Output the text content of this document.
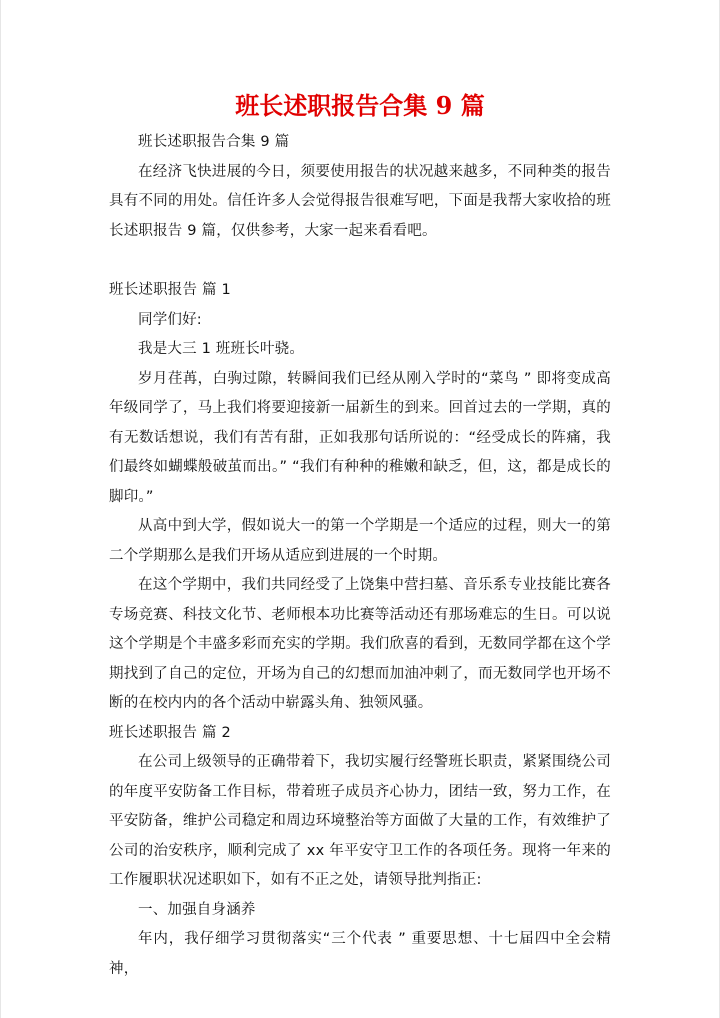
班长述职报告合集 9 篇

班长述职报告合集 9 篇

在经济飞快进展的今日，须要使用报告的状况越来越多，不同种类的报告具有不同的用处。信任许多人会觉得报告很难写吧，下面是我帮大家收拾的班长述职报告 9 篇，仅供参考，大家一起来看看吧。

班长述职报告 篇 1

同学们好:

我是大三 1 班班长叶骁。

岁月荏苒，白驹过隙，转瞬间我们已经从刚入学时的“菜鸟 ” 即将变成高年级同学了，马上我们将要迎接新一届新生的到来。回首过去的一学期，真的有无数话想说，我们有苦有甜，正如我那句话所说的：“经受成长的阵痛，我们最终如蝴蝶般破茧而出。” “我们有种种的稚嫩和缺乏，但，这，都是成长的脚印。”

从高中到大学，假如说大一的第一个学期是一个适应的过程，则大一的第二个学期那么是我们开场从适应到进展的一个时期。

在这个学期中，我们共同经受了上饶集中营扫墓、音乐系专业技能比赛各专场竞赛、科技文化节、老师根本功比赛等活动还有那场难忘的生日。可以说这个学期是个丰盛多彩而充实的学期。我们欣喜的看到，无数同学都在这个学期找到了自己的定位，开场为自己的幻想而加油冲刺了，而无数同学也开场不断的在校内内的各个活动中崭露头角、独领风骚。

班长述职报告 篇 2

在公司上级领导的正确带着下，我切实履行经警班长职责，紧紧围绕公司的年度平安防备工作目标，带着班子成员齐心协力，团结一致，努力工作，在平安防备，维护公司稳定和周边环境整治等方面做了大量的工作，有效维护了公司的治安秩序，顺利完成了 xx 年平安守卫工作的各项任务。现将一年来的工作履职状况述职如下，如有不正之处，请领导批判指正:

一、加强自身涵养

年内，我仔细学习贯彻落实“三个代表 ” 重要思想、十七届四中全会精神，
